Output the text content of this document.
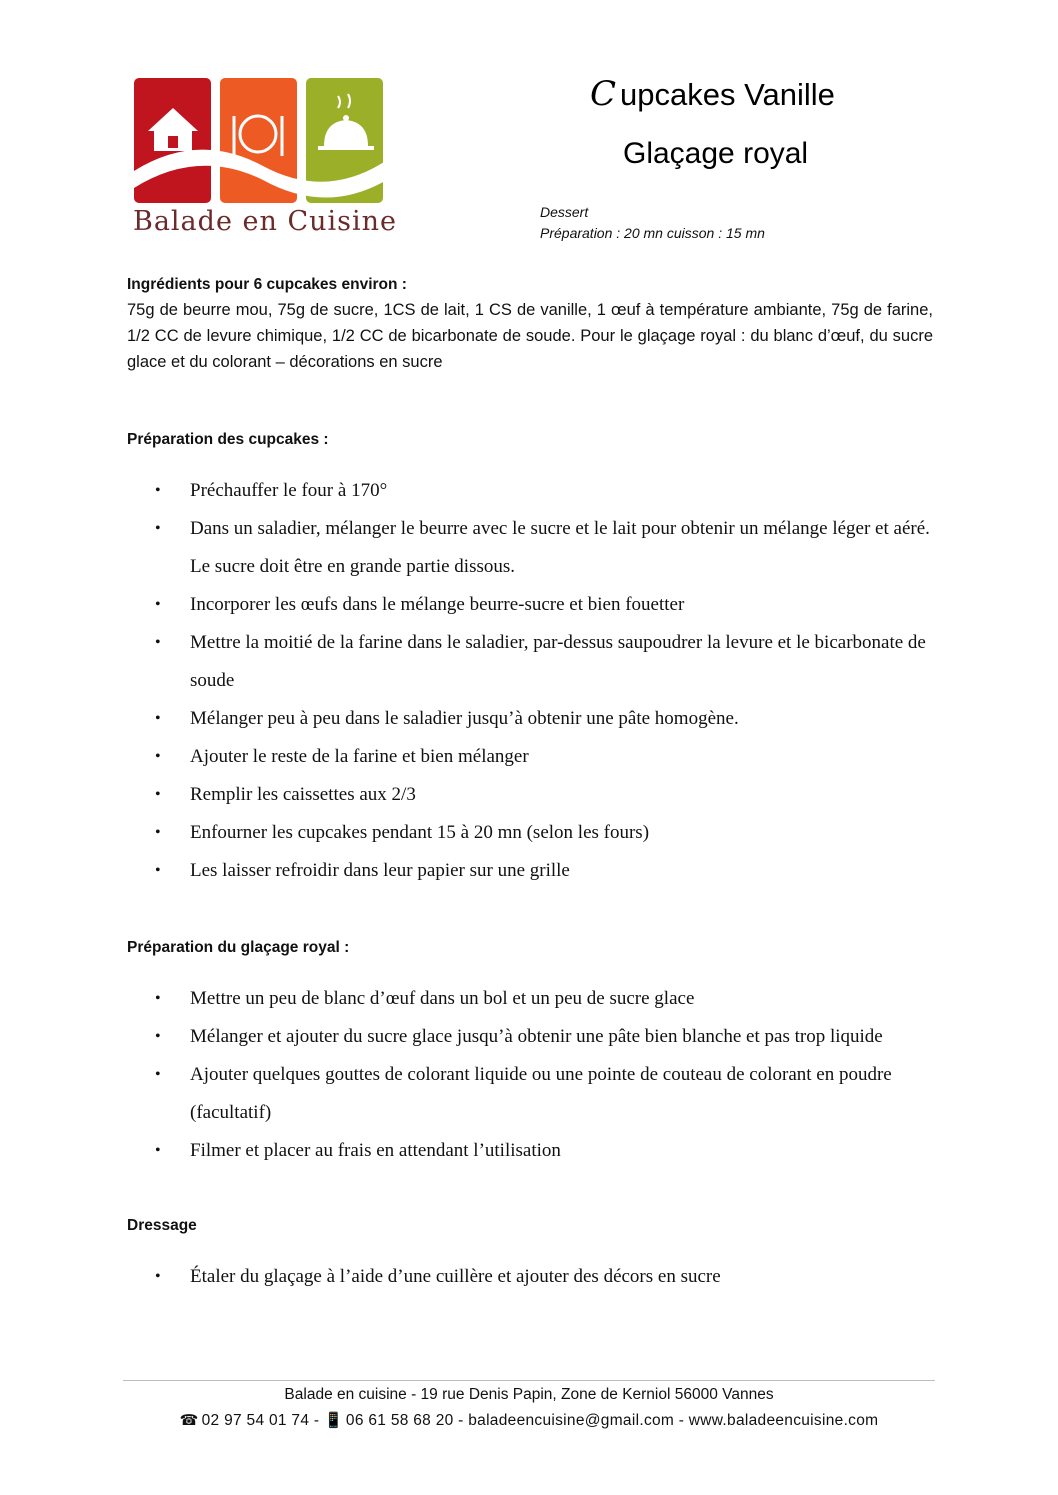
Balade en Cuisine
C upcakes Vanille
Glaçage royal
Dessert
Préparation : 20 mn cuisson : 15 mn
Ingrédients pour 6 cupcakes environ :
75g de beurre mou, 75g de sucre, 1CS de lait, 1 CS de vanille, 1 œuf à température ambiante, 75g de farine, 1/2 CC de levure chimique, 1/2 CC de bicarbonate de soude. Pour le glaçage royal : du blanc d’œuf, du sucre glace et du colorant – décorations en sucre
Préparation des cupcakes :
• Préchauffer le four à 170°
• Dans un saladier, mélanger le beurre avec le sucre et le lait pour obtenir un mélange léger et aéré. Le sucre doit être en grande partie dissous.
• Incorporer les œufs dans le mélange beurre-sucre et bien fouetter
• Mettre la moitié de la farine dans le saladier, par-dessus saupoudrer la levure et le bicarbonate de soude
• Mélanger peu à peu dans le saladier jusqu’à obtenir une pâte homogène.
• Ajouter le reste de la farine et bien mélanger
• Remplir les caissettes aux 2/3
• Enfourner les cupcakes pendant 15 à 20 mn (selon les fours)
• Les laisser refroidir dans leur papier sur une grille
Préparation du glaçage royal :
• Mettre un peu de blanc d’œuf dans un bol et un peu de sucre glace
• Mélanger et ajouter du sucre glace jusqu’à obtenir une pâte bien blanche et pas trop liquide
• Ajouter quelques gouttes de colorant liquide ou une pointe de couteau de colorant en poudre (facultatif)
• Filmer et placer au frais en attendant l’utilisation
Dressage
• Étaler du glaçage à l’aide d’une cuillère et ajouter des décors en sucre
Balade en cuisine - 19 rue Denis Papin, Zone de Kerniol 56000 Vannes
☎ 02 97 54 01 74 - 📱 06 61 58 68 20 - baladeencuisine@gmail.com - www.baladeencuisine.com
